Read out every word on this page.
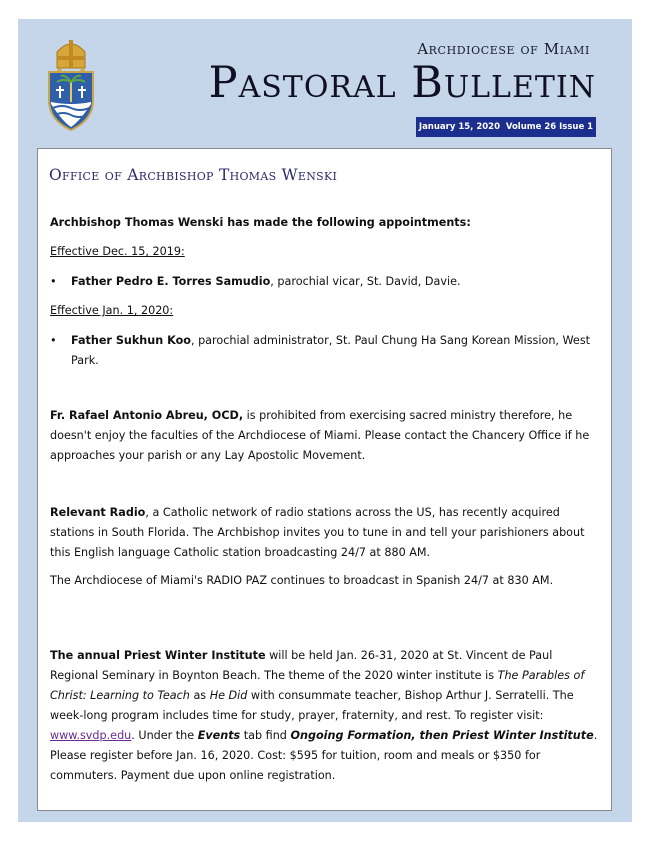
Archdiocese of Miami
Pastoral Bulletin
January 15, 2020 Volume 26 Issue 1
Office of Archbishop Thomas Wenski

Archbishop Thomas Wenski has made the following appointments:

Effective Dec. 15, 2019:

• Father Pedro E. Torres Samudio, parochial vicar, St. David, Davie.

Effective Jan. 1, 2020:

• Father Sukhun Koo, parochial administrator, St. Paul Chung Ha Sang Korean Mission, West Park.

Fr. Rafael Antonio Abreu, OCD, is prohibited from exercising sacred ministry therefore, he doesn't enjoy the faculties of the Archdiocese of Miami. Please contact the Chancery Office if he approaches your parish or any Lay Apostolic Movement.

Relevant Radio, a Catholic network of radio stations across the US, has recently acquired stations in South Florida. The Archbishop invites you to tune in and tell your parishioners about this English language Catholic station broadcasting 24/7 at 880 AM.

The Archdiocese of Miami's RADIO PAZ continues to broadcast in Spanish 24/7 at 830 AM.

The annual Priest Winter Institute will be held Jan. 26-31, 2020 at St. Vincent de Paul Regional Seminary in Boynton Beach. The theme of the 2020 winter institute is The Parables of Christ: Learning to Teach as He Did with consummate teacher, Bishop Arthur J. Serratelli. The week-long program includes time for study, prayer, fraternity, and rest. To register visit: www.svdp.edu. Under the Events tab find Ongoing Formation, then Priest Winter Institute. Please register before Jan. 16, 2020. Cost: $595 for tuition, room and meals or $350 for commuters. Payment due upon online registration.
